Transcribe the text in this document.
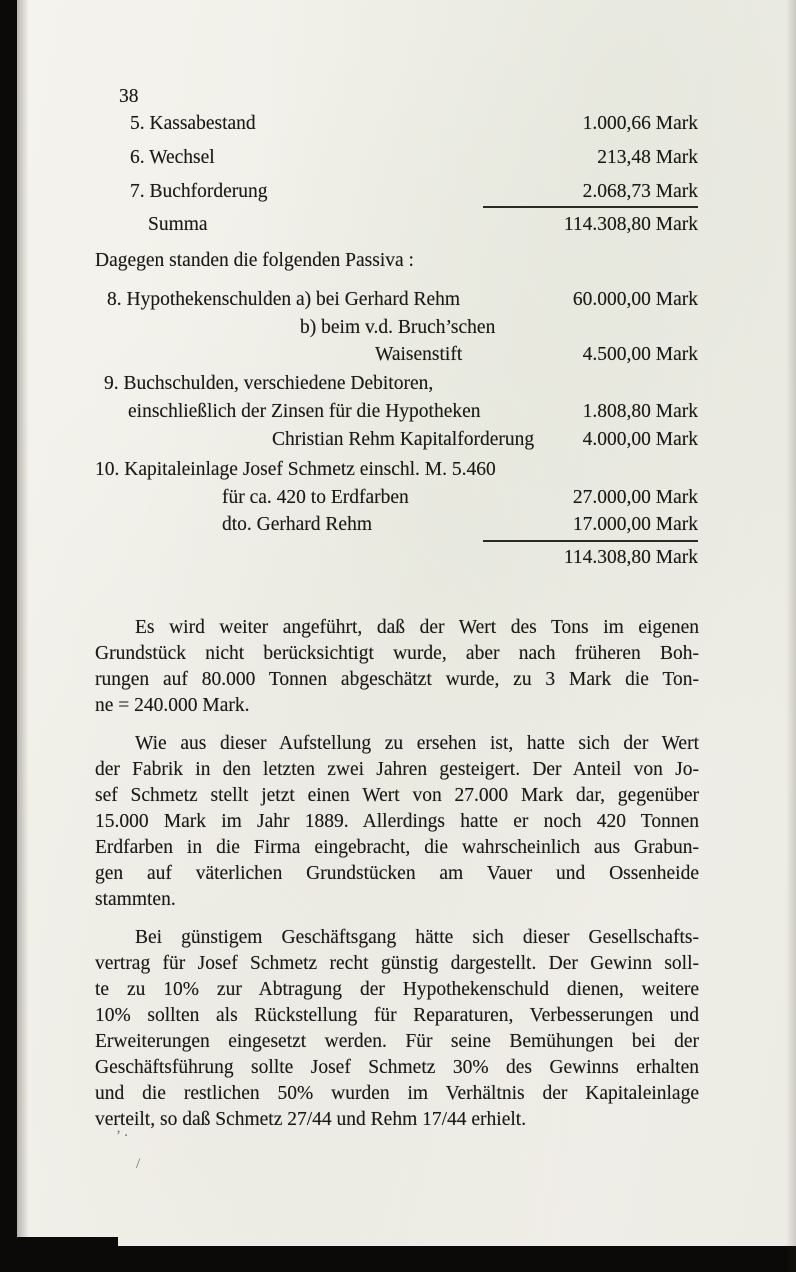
38
5. Kassabestand	1.000,66 Mark
6. Wechsel	213,48 Mark
7. Buchforderung	2.068,73 Mark
Summa	114.308,80 Mark
Dagegen standen die folgenden Passiva :
8. Hypothekenschulden a) bei Gerhard Rehm	60.000,00 Mark
b) beim v.d. Bruch’schen
Waisenstift	4.500,00 Mark
9. Buchschulden, verschiedene Debitoren,
einschließlich der Zinsen für die Hypotheken	1.808,80 Mark
Christian Rehm Kapitalforderung 4.000,00 Mark
10. Kapitaleinlage Josef Schmetz einschl. M. 5.460
für ca. 420 to Erdfarben	27.000,00 Mark
dto. Gerhard Rehm	17.000,00 Mark
114.308,80 Mark
Es wird weiter angeführt, daß der Wert des Tons im eigenen
Grundstück nicht berücksichtigt wurde, aber nach früheren Boh-
rungen auf 80.000 Tonnen abgeschätzt wurde, zu 3 Mark die Ton-
ne = 240.000 Mark.
Wie aus dieser Aufstellung zu ersehen ist, hatte sich der Wert
der Fabrik in den letzten zwei Jahren gesteigert. Der Anteil von Jo-
sef Schmetz stellt jetzt einen Wert von 27.000 Mark dar, gegenüber
15.000 Mark im Jahr 1889. Allerdings hatte er noch 420 Tonnen
Erdfarben in die Firma eingebracht, die wahrscheinlich aus Grabun-
gen auf väterlichen Grundstücken am Vauer und Ossenheide
stammten.
Bei günstigem Geschäftsgang hätte sich dieser Gesellschafts-
vertrag für Josef Schmetz recht günstig dargestellt. Der Gewinn soll-
te zu 10% zur Abtragung der Hypothekenschuld dienen, weitere
10% sollten als Rückstellung für Reparaturen, Verbesserungen und
Erweiterungen eingesetzt werden. Für seine Bemühungen bei der
Geschäftsführung sollte Josef Schmetz 30% des Gewinns erhalten
und die restlichen 50% wurden im Verhältnis der Kapitaleinlage
verteilt, so daß Schmetz 27/44 und Rehm 17/44 erhielt.
’ ·
/
